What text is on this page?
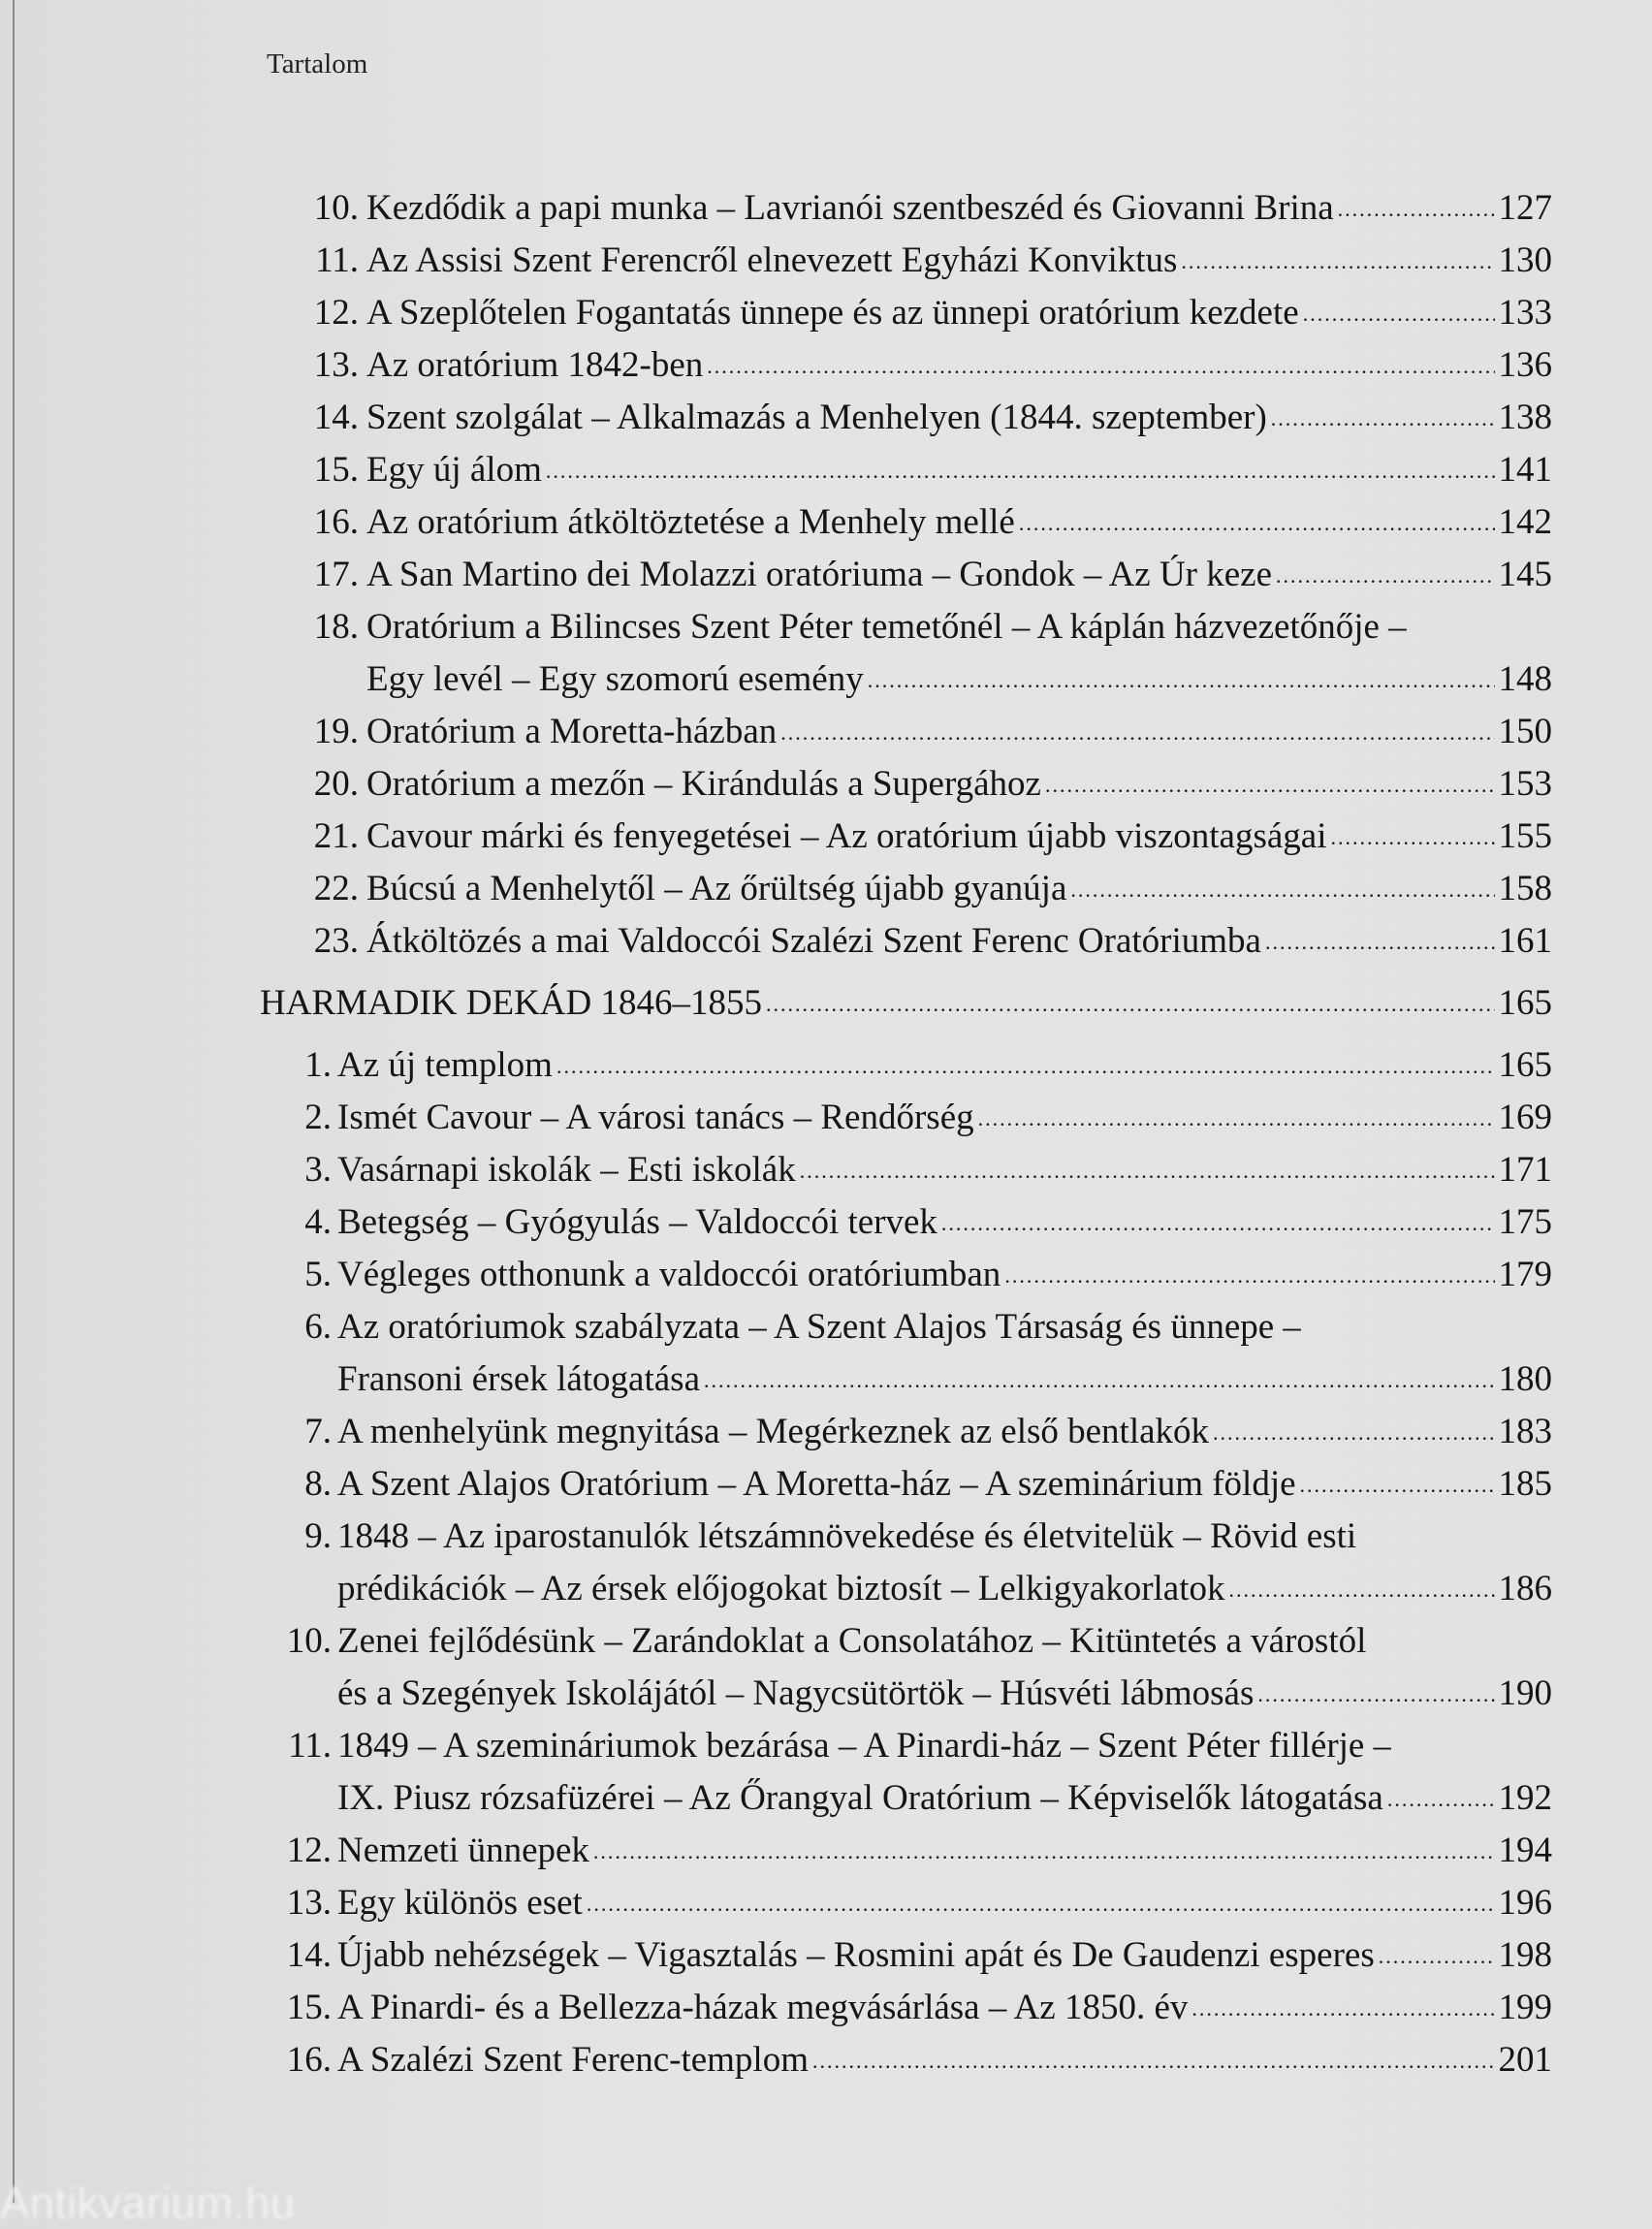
Tartalom
10. Kezdődik a papi munka – Lavrianói szentbeszéd és Giovanni Brina .....	127
11. Az Assisi Szent Ferencről elnevezett Egyházi Konviktus .....	130
12. A Szeplőtelen Fogantatás ünnepe és az ünnepi oratórium kezdete .....	133
13. Az oratórium 1842-ben .....	136
14. Szent szolgálat – Alkalmazás a Menhelyen (1844. szeptember) .....	138
15. Egy új álom .....	141
16. Az oratórium átköltöztetése a Menhely mellé .....	142
17. A San Martino dei Molazzi oratóriuma – Gondok – Az Úr keze .....	145
18. Oratórium a Bilincses Szent Péter temetőnél – A káplán házvezetőnője –
Egy levél – Egy szomorú esemény .....	148
19. Oratórium a Moretta-házban .....	150
20. Oratórium a mezőn – Kirándulás a Supergához .....	153
21. Cavour márki és fenyegetései – Az oratórium újabb viszontagságai .....	155
22. Búcsú a Menhelytől – Az őrültség újabb gyanúja .....	158
23. Átköltözés a mai Valdoccói Szalézi Szent Ferenc Oratóriumba .....	161
HARMADIK DEKÁD 1846–1855 .....	165
1. Az új templom .....	165
2. Ismét Cavour – A városi tanács – Rendőrség .....	169
3. Vasárnapi iskolák – Esti iskolák .....	171
4. Betegség – Gyógyulás – Valdoccói tervek .....	175
5. Végleges otthonunk a valdoccói oratóriumban .....	179
6. Az oratóriumok szabályzata – A Szent Alajos Társaság és ünnepe –
Fransoni érsek látogatása .....	180
7. A menhelyünk megnyitása – Megérkeznek az első bentlakók .....	183
8. A Szent Alajos Oratórium – A Moretta-ház – A szeminárium földje .....	185
9. 1848 – Az iparostanulók létszámnövekedése és életvitelük – Rövid esti
prédikációk – Az érsek előjogokat biztosít – Lelkigyakorlatok .....	186
10. Zenei fejlődésünk – Zarándoklat a Consolatához – Kitüntetés a várostól
és a Szegények Iskolájától – Nagycsütörtök – Húsvéti lábmosás .....	190
11. 1849 – A szemináriumok bezárása – A Pinardi-ház – Szent Péter fillérje –
IX. Piusz rózsafüzérei – Az Őrangyal Oratórium – Képviselők látogatása .....	192
12. Nemzeti ünnepek .....	194
13. Egy különös eset .....	196
14. Újabb nehézségek – Vigasztalás – Rosmini apát és De Gaudenzi esperes .....	198
15. A Pinardi- és a Bellezza-házak megvásárlása – Az 1850. év .....	199
16. A Szalézi Szent Ferenc-templom .....	201
Antikvarium.hu
